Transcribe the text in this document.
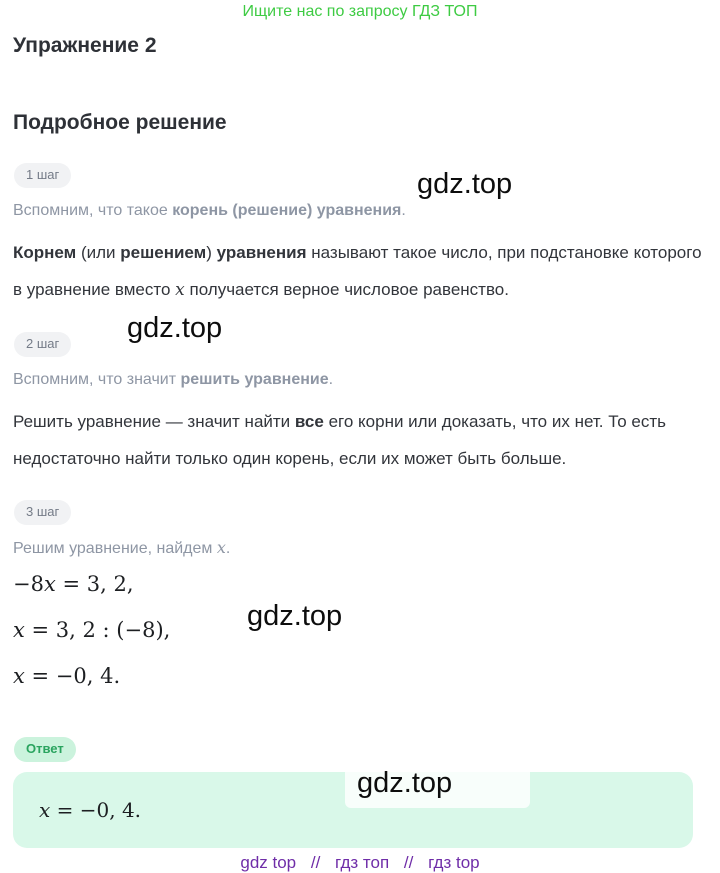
Ищите нас по запросу ГДЗ ТОП
Упражнение 2
Подробное решение
1 шаг

Вспомним, что такое корень (решение) уравнения.

Корнем (или решением) уравнения называют такое число, при подстановке которого в уравнение вместо x получается верное числовое равенство.

2 шаг

Вспомним, что значит решить уравнение.

Решить уравнение — значит найти все его корни или доказать, что их нет. То есть недостаточно найти только один корень, если их может быть больше.

3 шаг

Решим уравнение, найдем x.

−8x = 3, 2,
x = 3, 2 : (−8),
x = −0, 4.
Ответ
x = −0, 4.
gdz top // гдз топ // гдз top
gdz.top
gdz.top
gdz.top
gdz.top
